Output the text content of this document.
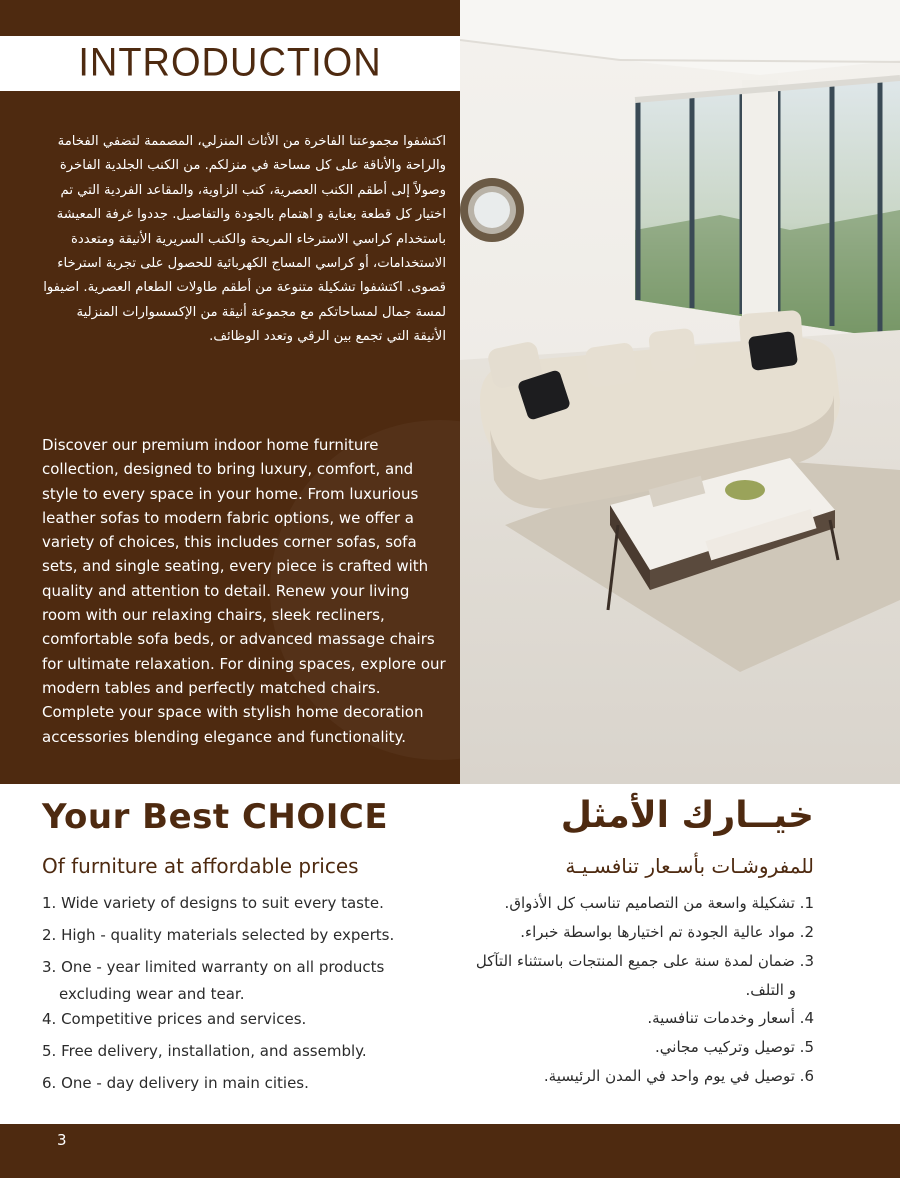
INTRODUCTION

اكتشفوا مجموعتنا الفاخرة من الأثاث المنزلي، المصممة لتضفي الفخامة والراحة والأناقة على كل مساحة في منزلكم. من الكنب الجلدية الفاخرة وصولاً إلى أطقم الكنب العصرية، كنب الزاوية، والمقاعد الفردية التي تم اختيار كل قطعة بعناية و اهتمام بالجودة والتفاصيل. جددوا غرفة المعيشة باستخدام كراسي الاسترخاء المريحة والكنب السريرية الأنيقة ومتعددة الاستخدامات، أو كراسي المساج الكهربائية للحصول على تجربة استرخاء قصوى. اكتشفوا تشكيلة متنوعة من أطقم طاولات الطعام العصرية. اضيفوا لمسة جمال لمساحاتكم مع مجموعة أنيقة من الإكسسوارات المنزلية الأنيقة التي تجمع بين الرقي وتعدد الوظائف.

Discover our premium indoor home furniture collection, designed to bring luxury, comfort, and style to every space in your home. From luxurious leather sofas to modern fabric options, we offer a variety of choices, this includes corner sofas, sofa sets, and single seating, every piece is crafted with quality and attention to detail. Renew your living room with our relaxing chairs, sleek recliners, comfortable sofa beds, or advanced massage chairs for ultimate relaxation. For dining spaces, explore our modern tables and perfectly matched chairs. Complete your space with stylish home decoration accessories blending elegance and functionality.

Your Best CHOICE

Of furniture at affordable prices

1. Wide variety of designs to suit every taste.
2. High - quality materials selected by experts.
3. One - year limited warranty on all products
excluding wear and tear.
4. Competitive prices and services.
5. Free delivery, installation, and assembly.
6. One - day delivery in main cities.
خيــارك الأمثل

للمفروشـات بأسـعار تنافسـيـة

1. تشكيلة واسعة من التصاميم تناسب كل الأذواق.
2. مواد عالية الجودة تم اختيارها بواسطة خبراء.
3. ضمان لمدة سنة على جميع المنتجات باستثناء التآكل
و التلف.
4. أسعار وخدمات تنافسية.
5. توصيل وتركيب مجاني.
6. توصيل في يوم واحد في المدن الرئيسية.
3
